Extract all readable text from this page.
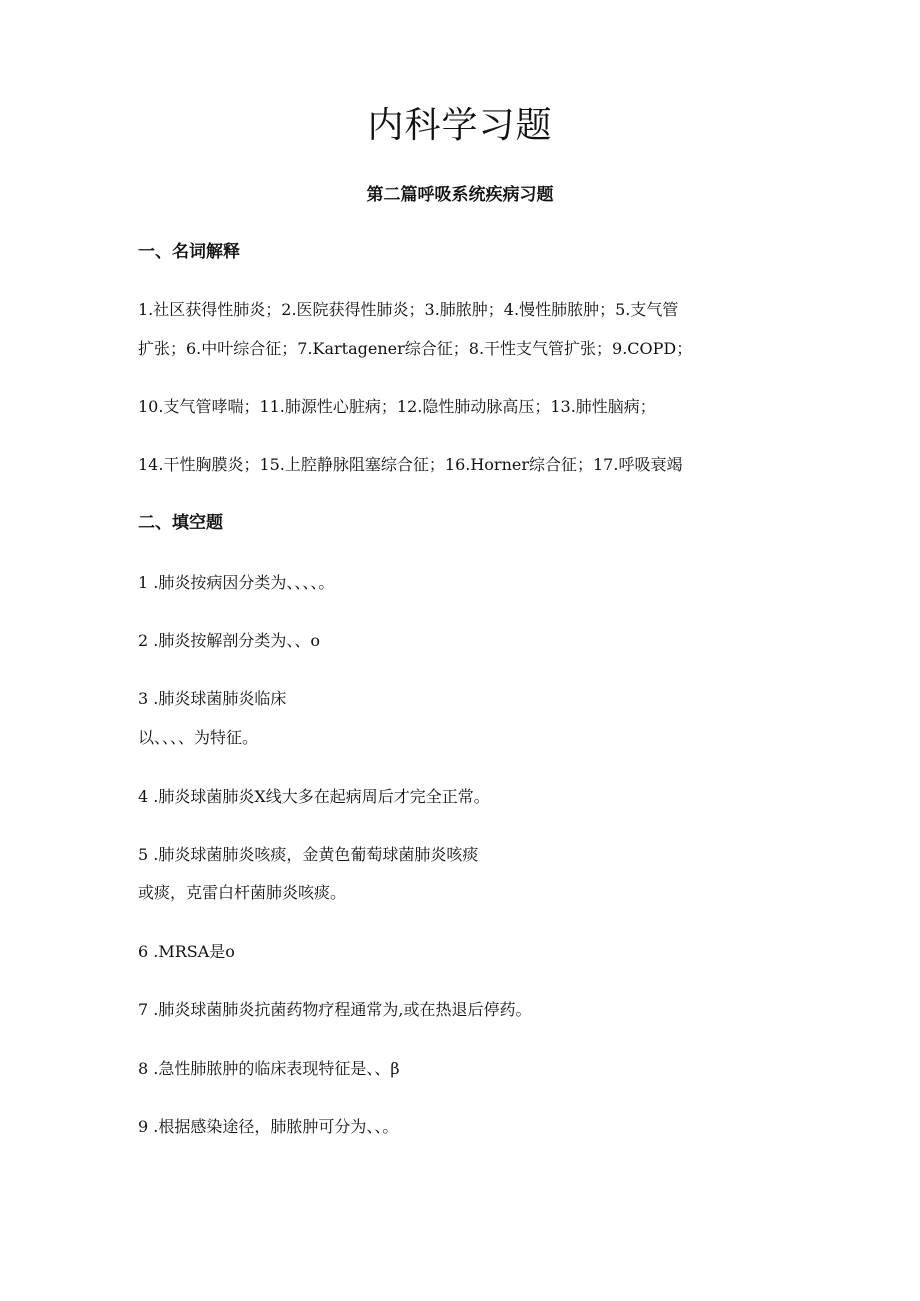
内科学习题
第二篇呼吸系统疾病习题
一、名词解释
1.社区获得性肺炎；2.医院获得性肺炎；3.肺脓肿；4.慢性肺脓肿；5.支气管
扩张；6.中叶综合征；7.Kartagener综合征；8.干性支气管扩张；9.COPD；
10.支气管哮喘；11.肺源性心脏病；12.隐性肺动脉高压；13.肺性脑病；
14.干性胸膜炎；15.上腔静脉阻塞综合征；16.Horner综合征；17.呼吸衰竭
二、填空题
1 .肺炎按病因分类为、、、、。
2 .肺炎按解剖分类为、、o
3 .肺炎球菌肺炎临床
以、、、、为特征。
4 .肺炎球菌肺炎X线大多在起病周后才完全正常。
5 .肺炎球菌肺炎咳痰，金黄色葡萄球菌肺炎咳痰
或痰，克雷白杆菌肺炎咳痰。
6 .MRSA是o
7 .肺炎球菌肺炎抗菌药物疗程通常为,或在热退后停药。
8 .急性肺脓肿的临床表现特征是、、β
9 .根据感染途径，肺脓肿可分为、、。
